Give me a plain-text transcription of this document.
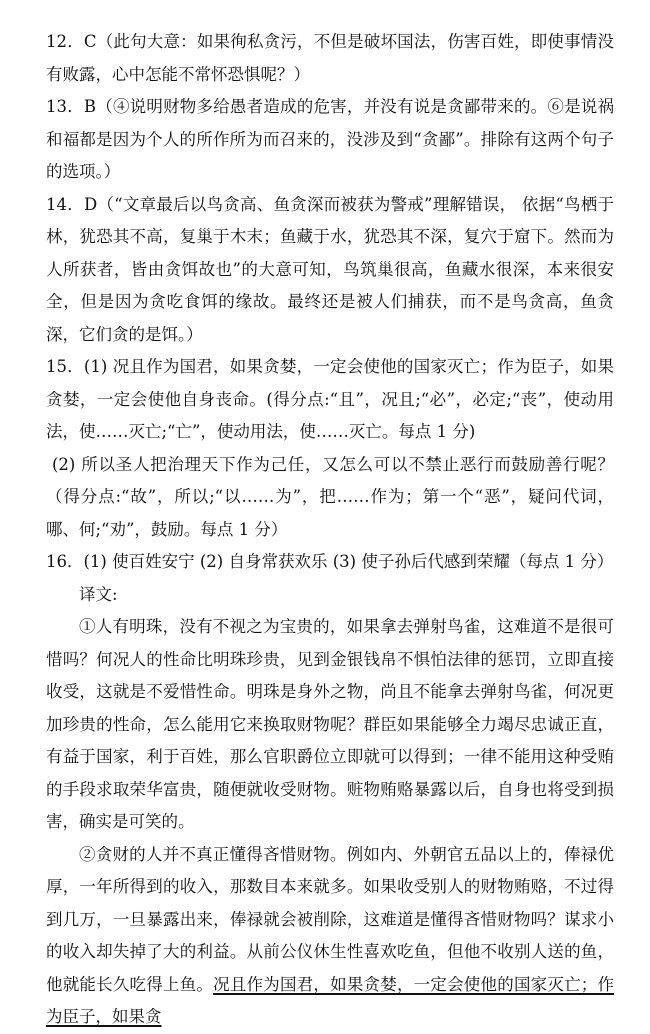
12．C（此句大意：如果徇私贪污，不但是破坏国法，伤害百姓，即使事情没有败露，心中怎能不常怀恐惧呢？）

13．B（④说明财物多给愚者造成的危害，并没有说是贪鄙带来的。⑥是说祸和福都是因为个人的所作所为而召来的，没涉及到“贪鄙”。排除有这两个句子的选项。）

14．D（“文章最后以鸟贪高、鱼贪深而被获为警戒”理解错误， 依据“鸟栖于林，犹恐其不高，复巢于木末；鱼藏于水，犹恐其不深，复穴于窟下。然而为人所获者，皆由贪饵故也”的大意可知，鸟筑巢很高，鱼藏水很深，本来很安全，但是因为贪吃食饵的缘故。最终还是被人们捕获，而不是鸟贪高，鱼贪深，它们贪的是饵。）

15．(1) 况且作为国君，如果贪婪，一定会使他的国家灭亡；作为臣子，如果贪婪，一定会使他自身丧命。(得分点:“且”，况且;“必”，必定;“丧”，使动用法，使……灭亡;“亡”，使动用法，使……灭亡。每点 1 分)

(2) 所以圣人把治理天下作为己任，又怎么可以不禁止恶行而鼓励善行呢？（得分点:“故”，所以;“以……为”，把……作为；第一个“恶”，疑问代词，哪、何;“劝”，鼓励。每点 1 分）

16．(1) 使百姓安宁 (2) 自身常获欢乐 (3) 使子孙后代感到荣耀（每点 1 分）

译文:

①人有明珠，没有不视之为宝贵的，如果拿去弹射鸟雀，这难道不是很可惜吗？何况人的性命比明珠珍贵，见到金银钱帛不惧怕法律的惩罚，立即直接收受，这就是不爱惜性命。明珠是身外之物，尚且不能拿去弹射鸟雀，何况更加珍贵的性命，怎么能用它来换取财物呢？群臣如果能够全力竭尽忠诚正直，有益于国家，利于百姓，那么官职爵位立即就可以得到；一律不能用这种受贿的手段求取荣华富贵，随便就收受财物。赃物贿赂暴露以后，自身也将受到损害，确实是可笑的。

②贪财的人并不真正懂得吝惜财物。例如内、外朝官五品以上的，俸禄优厚，一年所得到的收入，那数目本来就多。如果收受别人的财物贿赂，不过得到几万，一旦暴露出来，俸禄就会被削除，这难道是懂得吝惜财物吗？谋求小的收入却失掉了大的利益。从前公仪休生性喜欢吃鱼，但他不收别人送的鱼，他就能长久吃得上鱼。况且作为国君，如果贪婪，一定会使他的国家灭亡；作为臣子，如果贪
